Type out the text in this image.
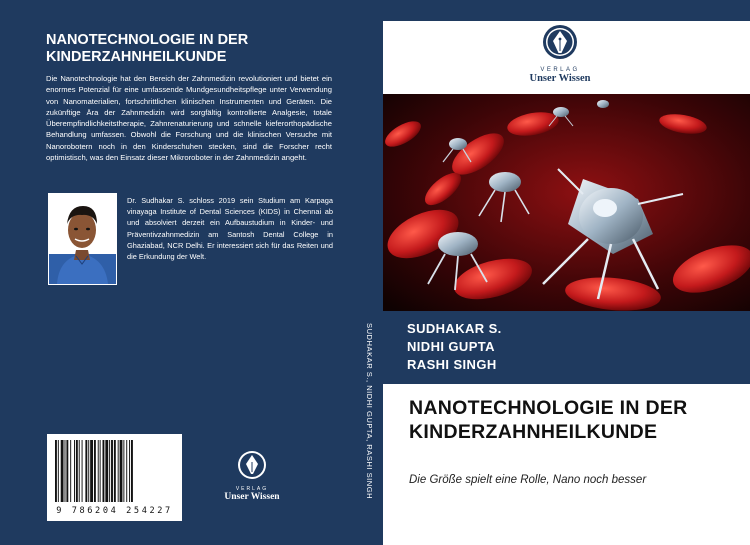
NANOTECHNOLOGIE IN DER KINDERZAHNHEILKUNDE
Die Nanotechnologie hat den Bereich der Zahnmedizin revolutioniert und bietet ein enormes Potenzial für eine umfassende Mundgesundheitspflege unter Verwendung von Nanomaterialien, fortschrittlichen klinischen Instrumenten und Geräten. Die zukünftige Ära der Zahnmedizin wird sorgfältig kontrollierte Analgesie, totale Überempfindlichkeitstherapie, Zahnrenaturierung und schnelle kieferorthopädische Behandlung umfassen. Obwohl die Forschung und die klinischen Versuche mit Nanorobotern noch in den Kinderschuhen stecken, sind die Forscher recht optimistisch, was den Einsatz dieser Mikroroboter in der Zahnmedizin angeht.
Dr. Sudhakar S. schloss 2019 sein Studium am Karpaga vinayaga Institute of Dental Sciences (KIDS) in Chennai ab und absolviert derzeit ein Aufbaustudium in Kinder- und Präventivzahnmedizin am Santosh Dental College in Ghaziabad, NCR Delhi. Er interessiert sich für das Reiten und die Erkundung der Welt.
9 786204 254227
VERLAG
Unser Wissen	SUDHAKAR S., NIDHI GUPTA, RASHI SINGH
VERLAG
Unser Wissen
SUDHAKAR S.
NIDHI GUPTA
RASHI SINGH
NANOTECHNOLOGIE IN DER KINDERZAHNHEILKUNDE
Die Größe spielt eine Rolle, Nano noch besser
